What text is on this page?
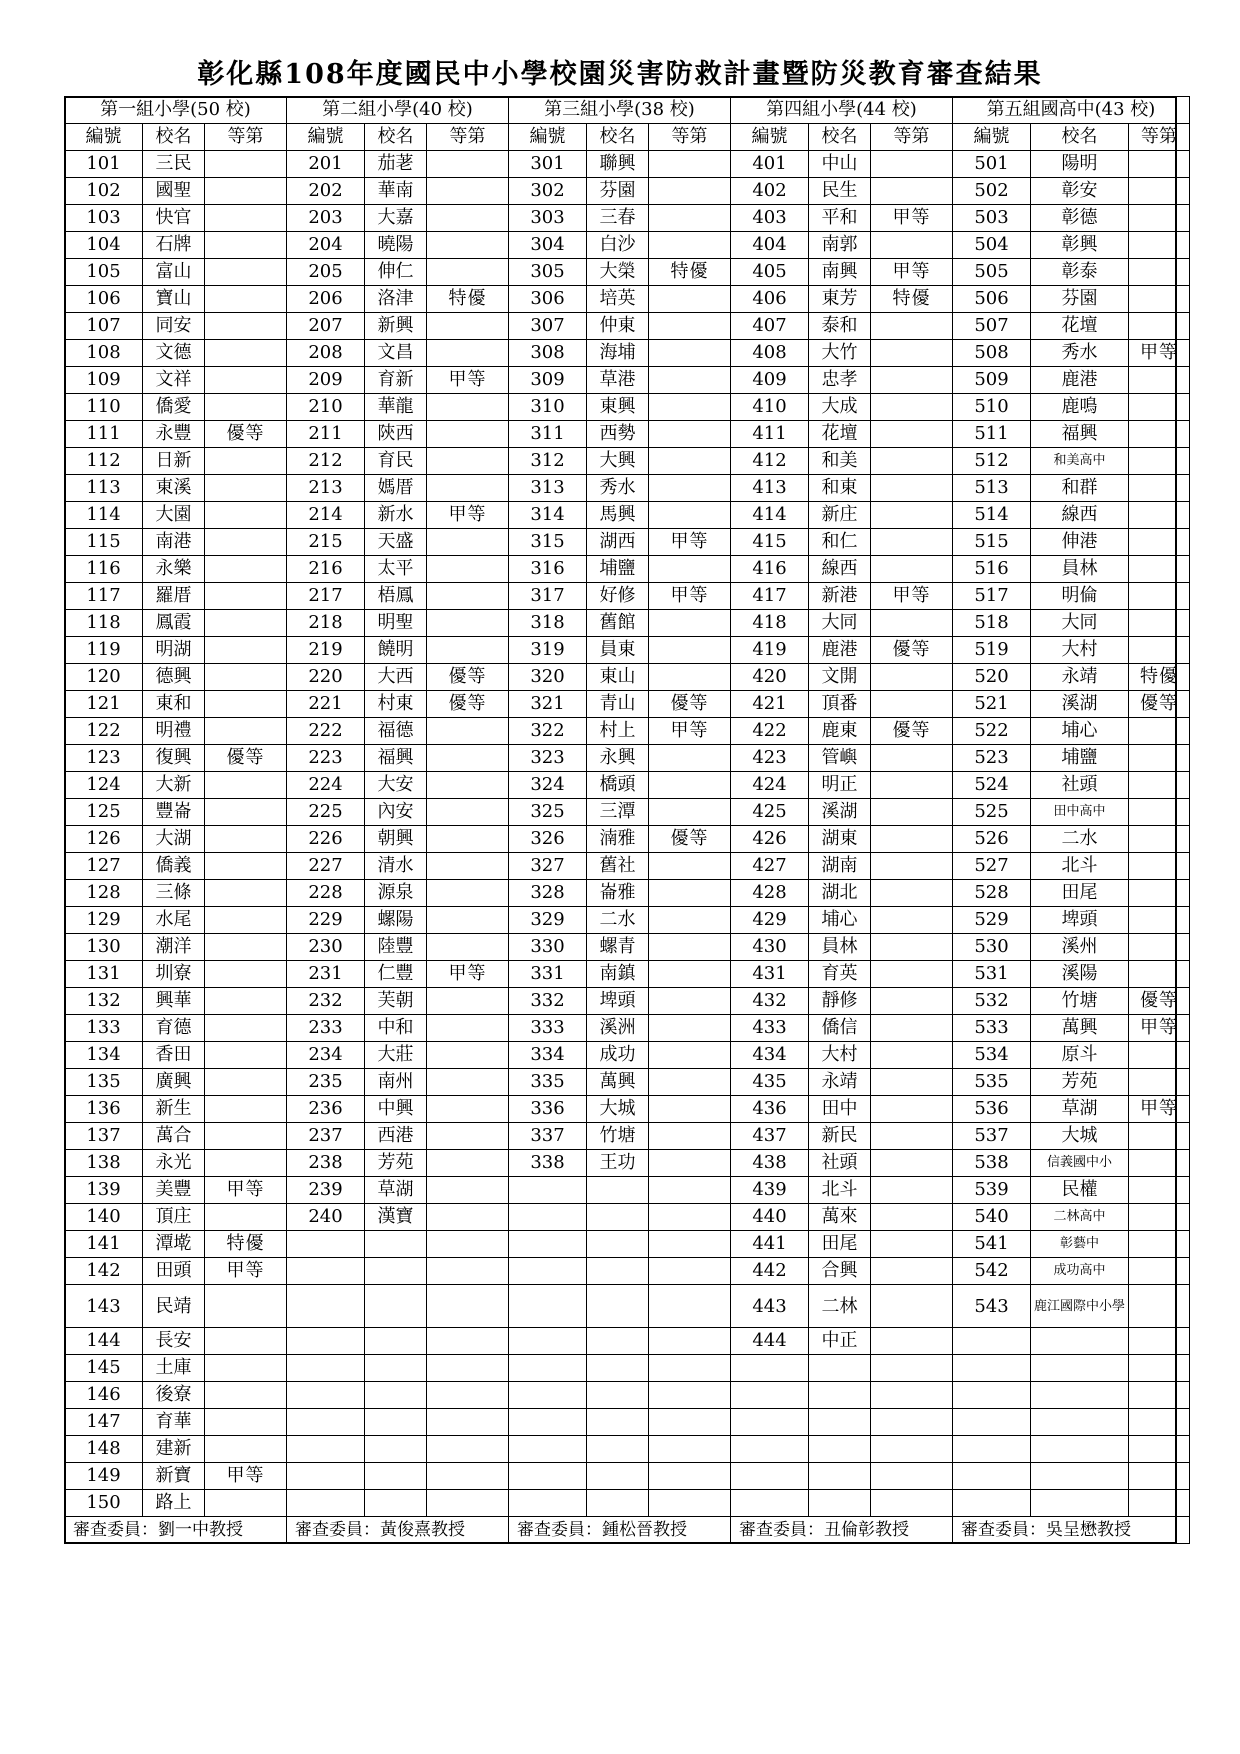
彰化縣108年度國民中小學校園災害防救計畫暨防災教育審查結果
第一組小學(50 校)			第二組小學(40 校)			第三組小學(38 校)			第四組小學(44 校)			第五組國高中(43 校)		
編號	校名	等第	編號	校名	等第	編號	校名	等第	編號	校名	等第	編號	校名	等第
101	三民		201	茄荖		301	聯興		401	中山		501	陽明	
102	國聖		202	華南		302	芬園		402	民生		502	彰安	
103	快官		203	大嘉		303	三春		403	平和	甲等	503	彰德	
104	石牌		204	曉陽		304	白沙		404	南郭		504	彰興	
105	富山		205	伸仁		305	大榮	特優	405	南興	甲等	505	彰泰	
106	寶山		206	洛津	特優	306	培英		406	東芳	特優	506	芬園	
107	同安		207	新興		307	仲東		407	泰和		507	花壇	
108	文德		208	文昌		308	海埔		408	大竹		508	秀水	甲等
109	文祥		209	育新	甲等	309	草港		409	忠孝		509	鹿港	
110	僑愛		210	華龍		310	東興		410	大成		510	鹿鳴	
111	永豐	優等	211	陝西		311	西勢		411	花壇		511	福興	
112	日新		212	育民		312	大興		412	和美		512	和美高中	
113	東溪		213	媽厝		313	秀水		413	和東		513	和群	
114	大園		214	新水	甲等	314	馬興		414	新庄		514	線西	
115	南港		215	天盛		315	湖西	甲等	415	和仁		515	伸港	
116	永樂		216	太平		316	埔鹽		416	線西		516	員林	
117	羅厝		217	梧鳳		317	好修	甲等	417	新港	甲等	517	明倫	
118	鳳霞		218	明聖		318	舊館		418	大同		518	大同	
119	明湖		219	饒明		319	員東		419	鹿港	優等	519	大村	
120	德興		220	大西	優等	320	東山		420	文開		520	永靖	特優
121	東和		221	村東	優等	321	青山	優等	421	頂番		521	溪湖	優等
122	明禮		222	福德		322	村上	甲等	422	鹿東	優等	522	埔心	
123	復興	優等	223	福興		323	永興		423	管嶼		523	埔鹽	
124	大新		224	大安		324	橋頭		424	明正		524	社頭	
125	豐崙		225	內安		325	三潭		425	溪湖		525	田中高中	
126	大湖		226	朝興		326	湳雅	優等	426	湖東		526	二水	
127	僑義		227	清水		327	舊社		427	湖南		527	北斗	
128	三條		228	源泉		328	崙雅		428	湖北		528	田尾	
129	水尾		229	螺陽		329	二水		429	埔心		529	埤頭	
130	潮洋		230	陸豐		330	螺青		430	員林		530	溪州	
131	圳寮		231	仁豐	甲等	331	南鎮		431	育英		531	溪陽	
132	興華		232	芙朝		332	埤頭		432	靜修		532	竹塘	優等
133	育德		233	中和		333	溪洲		433	僑信		533	萬興	甲等
134	香田		234	大莊		334	成功		434	大村		534	原斗	
135	廣興		235	南州		335	萬興		435	永靖		535	芳苑	
136	新生		236	中興		336	大城		436	田中		536	草湖	甲等
137	萬合		237	西港		337	竹塘		437	新民		537	大城	
138	永光		238	芳苑		338	王功		438	社頭		538	信義國中小	
139	美豐	甲等	239	草湖					439	北斗		539	民權	
140	頂庄		240	漢寶					440	萬來		540	二林高中	
141	潭墘	特優							441	田尾		541	彰藝中	
142	田頭	甲等							442	合興		542	成功高中	
143	民靖								443	二林		543	鹿江國際中小學	
144	長安								444	中正				
145	土庫													
146	後寮													
147	育華													
148	建新													
149	新寶	甲等												
150	路上													
審查委員：劉一中教授			審查委員：黃俊熹教授			審查委員：鍾松晉教授			審查委員：丑倫彰教授			審查委員：吳呈懋教授		
